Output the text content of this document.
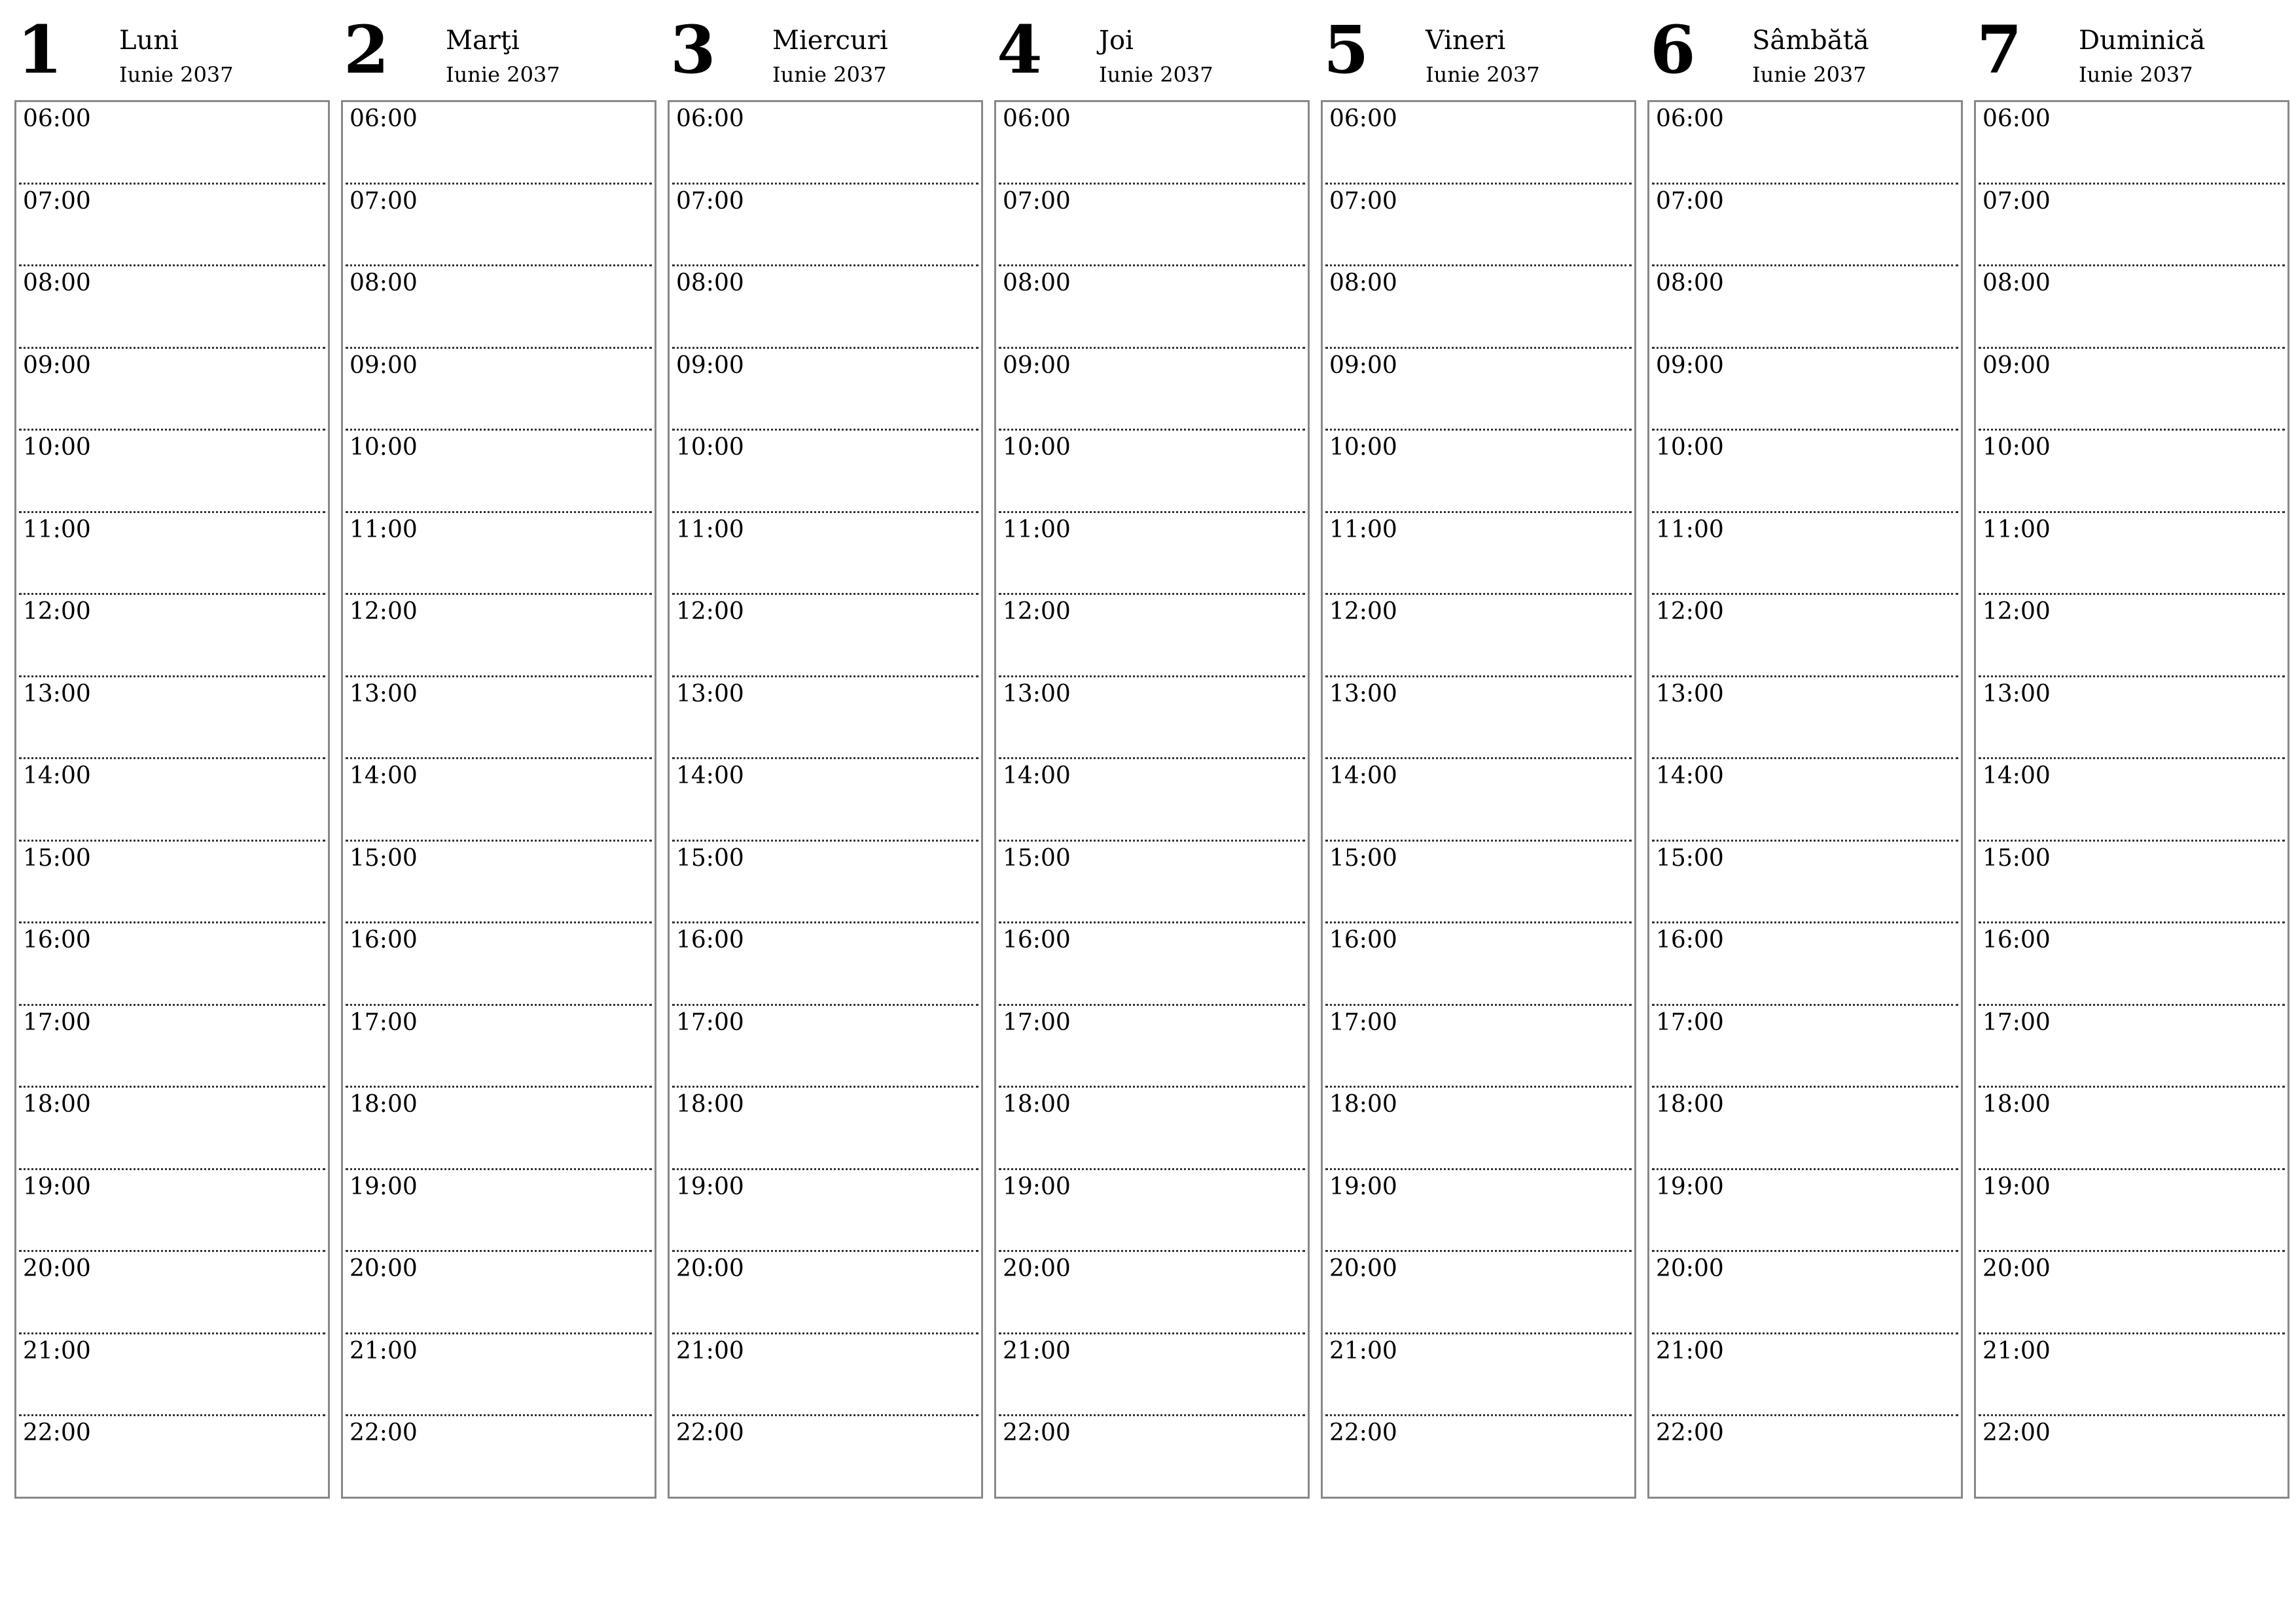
1 Luni
Iunie 2037
06:00
07:00
08:00
09:00
10:00
11:00
12:00
13:00
14:00
15:00
16:00
17:00
18:00
19:00
20:00
21:00
22:00
2 Marţi
Iunie 2037
06:00
07:00
08:00
09:00
10:00
11:00
12:00
13:00
14:00
15:00
16:00
17:00
18:00
19:00
20:00
21:00
22:00
3 Miercuri
Iunie 2037
06:00
07:00
08:00
09:00
10:00
11:00
12:00
13:00
14:00
15:00
16:00
17:00
18:00
19:00
20:00
21:00
22:00
4 Joi
Iunie 2037
06:00
07:00
08:00
09:00
10:00
11:00
12:00
13:00
14:00
15:00
16:00
17:00
18:00
19:00
20:00
21:00
22:00
5 Vineri
Iunie 2037
06:00
07:00
08:00
09:00
10:00
11:00
12:00
13:00
14:00
15:00
16:00
17:00
18:00
19:00
20:00
21:00
22:00
6 Sâmbătă
Iunie 2037
06:00
07:00
08:00
09:00
10:00
11:00
12:00
13:00
14:00
15:00
16:00
17:00
18:00
19:00
20:00
21:00
22:00
7 Duminică
Iunie 2037
06:00
07:00
08:00
09:00
10:00
11:00
12:00
13:00
14:00
15:00
16:00
17:00
18:00
19:00
20:00
21:00
22:00
